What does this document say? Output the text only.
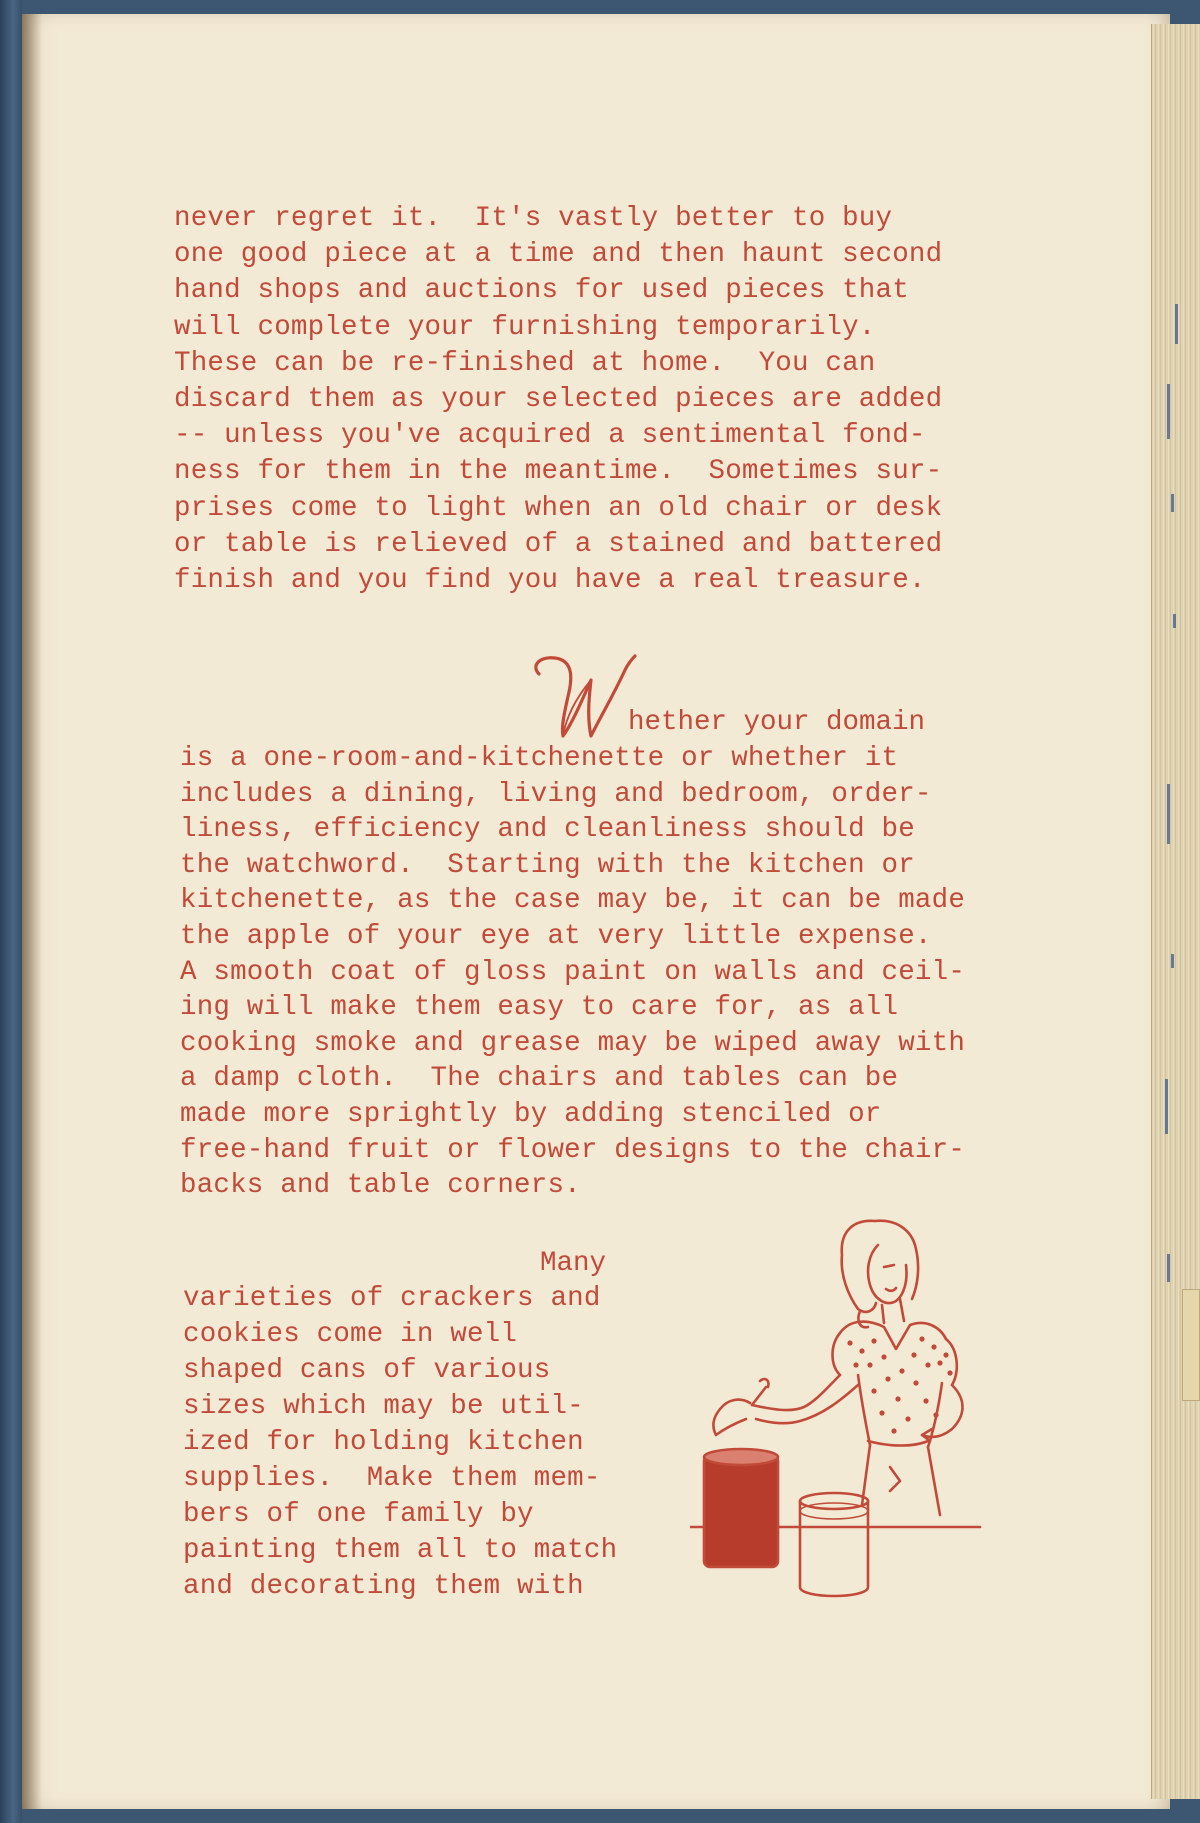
never regret it.  It's vastly better to buy
one good piece at a time and then haunt second
hand shops and auctions for used pieces that
will complete your furnishing temporarily.
These can be re-finished at home.  You can
discard them as your selected pieces are added
-- unless you've acquired a sentimental fond-
ness for them in the meantime.  Sometimes sur-
prises come to light when an old chair or desk
or table is relieved of a stained and battered
finish and you find you have a real treasure.
hether your domain
is a one-room-and-kitchenette or whether it
includes a dining, living and bedroom, order-
liness, efficiency and cleanliness should be
the watchword.  Starting with the kitchen or
kitchenette, as the case may be, it can be made
the apple of your eye at very little expense.
A smooth coat of gloss paint on walls and ceil-
ing will make them easy to care for, as all
cooking smoke and grease may be wiped away with
a damp cloth.  The chairs and tables can be
made more sprightly by adding stenciled or
free-hand fruit or flower designs to the chair-
backs and table corners.
Many
varieties of crackers and
cookies come in well
shaped cans of various
sizes which may be util-
ized for holding kitchen
supplies.  Make them mem-
bers of one family by
painting them all to match
and decorating them with
